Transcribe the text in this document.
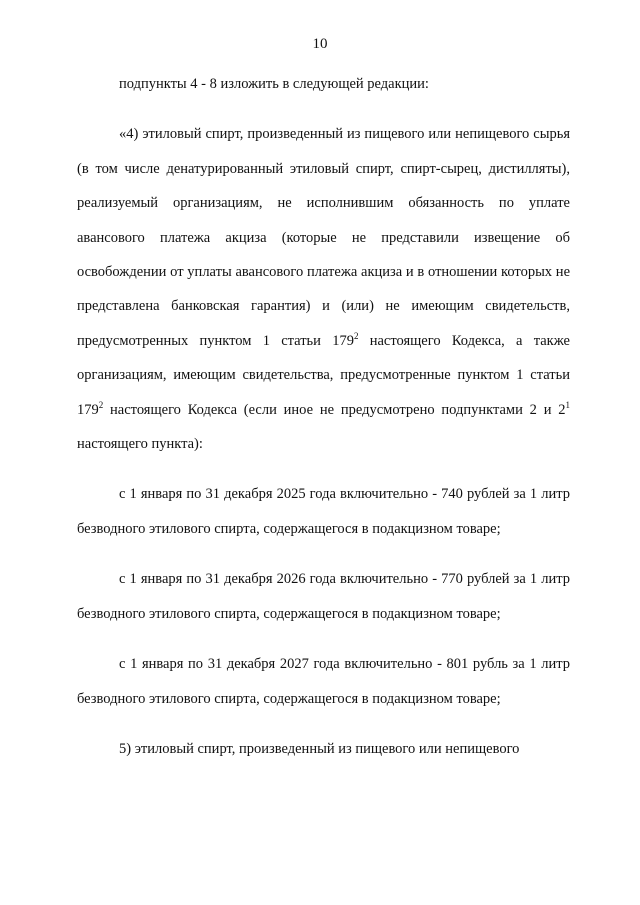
10

подпункты 4 - 8 изложить в следующей редакции:

«4) этиловый спирт, произведенный из пищевого или непищевого сырья (в том числе денатурированный этиловый спирт, спирт-сырец, дистилляты), реализуемый организациям, не исполнившим обязанность по уплате авансового платежа акциза (которые не представили извещение об освобождении от уплаты авансового платежа акциза и в отношении которых не представлена банковская гарантия) и (или) не имеющим свидетельств, предусмотренных пунктом 1 статьи $179^2$ настоящего Кодекса, а также организациям, имеющим свидетельства, предусмотренные пунктом 1 статьи $179^2$ настоящего Кодекса (если иное не предусмотрено подпунктами 2 и $2^1$ настоящего пункта):

с 1 января по 31 декабря 2025 года включительно - 740 рублей за 1 литр безводного этилового спирта, содержащегося в подакцизном товаре;

с 1 января по 31 декабря 2026 года включительно - 770 рублей за 1 литр безводного этилового спирта, содержащегося в подакцизном товаре;

с 1 января по 31 декабря 2027 года включительно - 801 рубль за 1 литр безводного этилового спирта, содержащегося в подакцизном товаре;

5) этиловый спирт, произведенный из пищевого или непищевого
